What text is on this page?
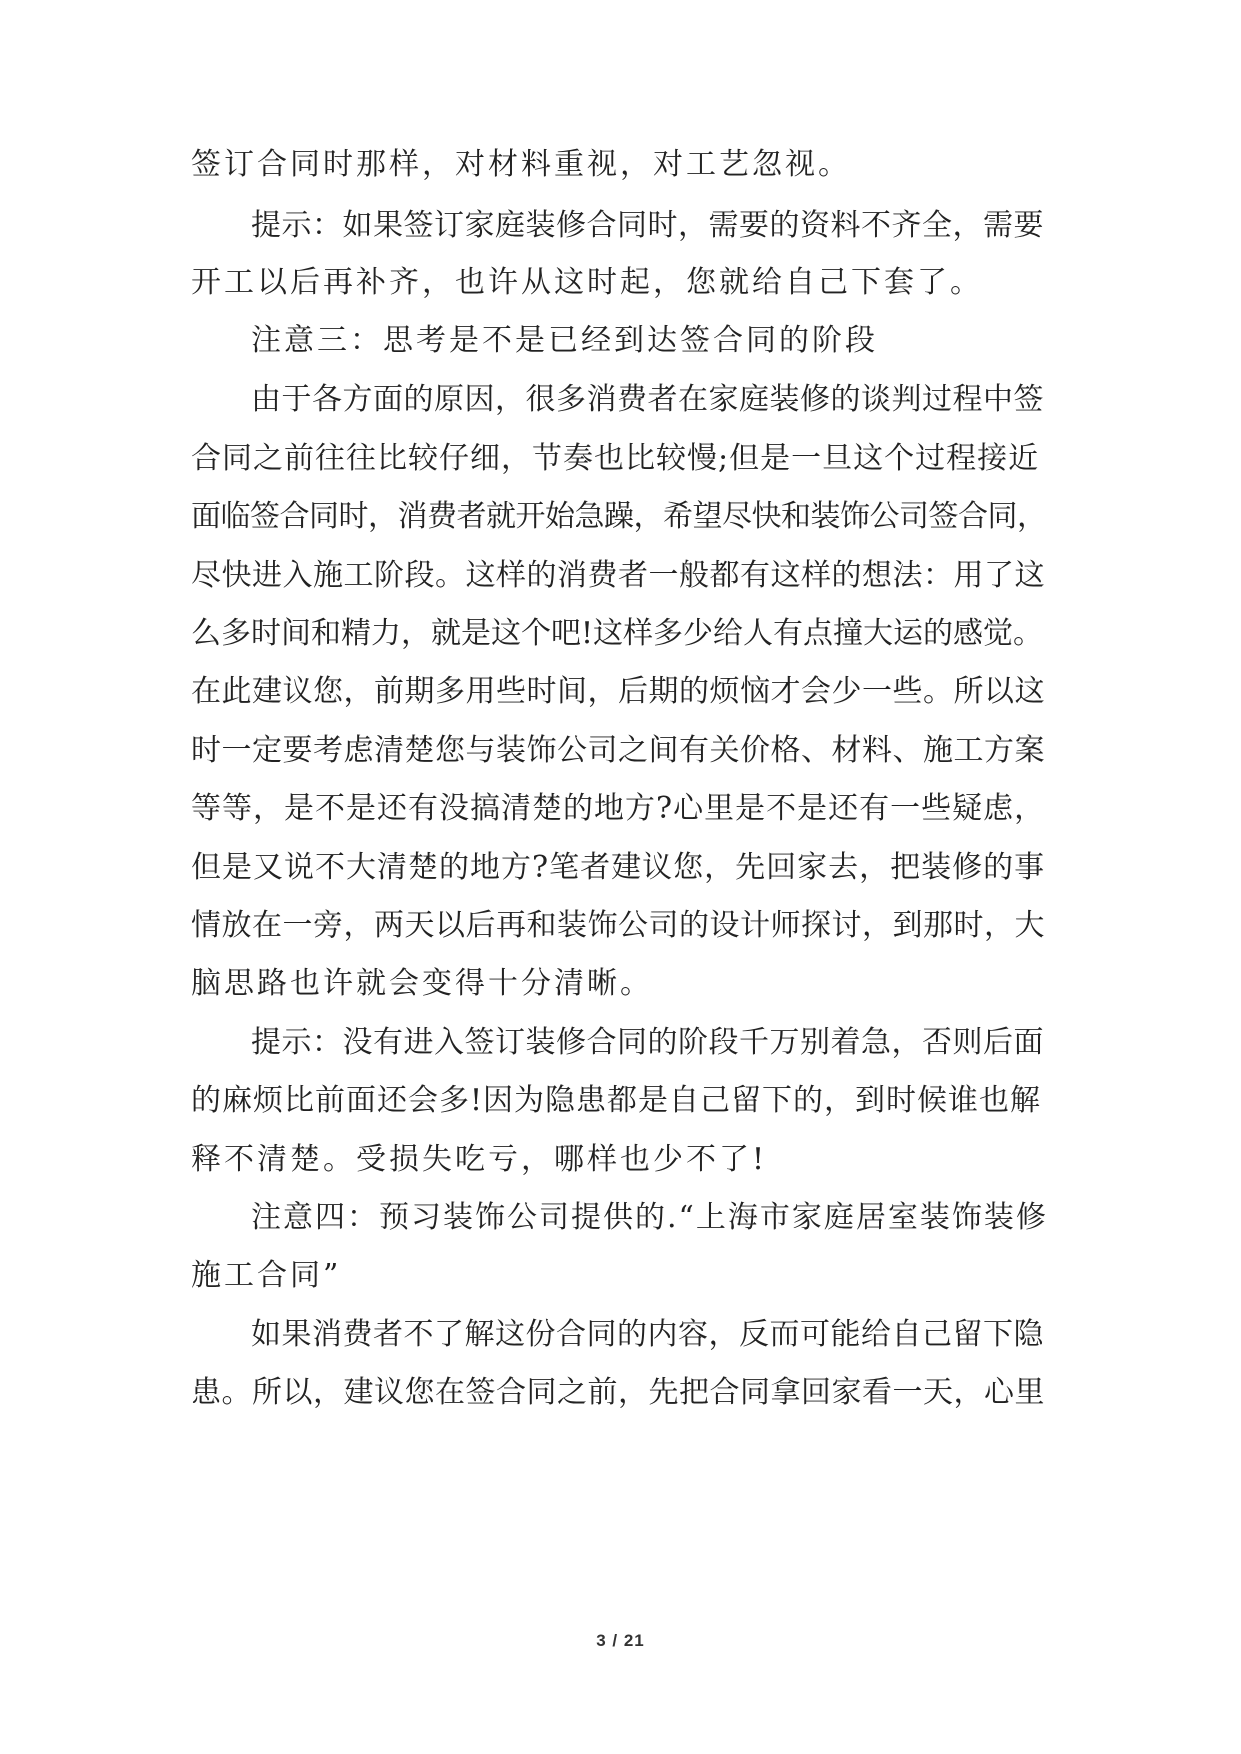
签订合同时那样，对材料重视，对工艺忽视。
提示：如果签订家庭装修合同时，需要的资料不齐全，需要
开工以后再补齐，也许从这时起，您就给自己下套了。
注意三：思考是不是已经到达签合同的阶段
由于各方面的原因，很多消费者在家庭装修的谈判过程中签
合同之前往往比较仔细，节奏也比较慢;但是一旦这个过程接近
面临签合同时，消费者就开始急躁，希望尽快和装饰公司签合同，
尽快进入施工阶段。这样的消费者一般都有这样的想法：用了这
么多时间和精力，就是这个吧!这样多少给人有点撞大运的感觉。
在此建议您，前期多用些时间，后期的烦恼才会少一些。所以这
时一定要考虑清楚您与装饰公司之间有关价格、材料、施工方案
等等，是不是还有没搞清楚的地方?心里是不是还有一些疑虑，
但是又说不大清楚的地方?笔者建议您，先回家去，把装修的事
情放在一旁，两天以后再和装饰公司的设计师探讨，到那时，大
脑思路也许就会变得十分清晰。
提示：没有进入签订装修合同的阶段千万别着急，否则后面
的麻烦比前面还会多!因为隐患都是自己留下的，到时候谁也解
释不清楚。受损失吃亏，哪样也少不了!
注意四：预习装饰公司提供的.“上海市家庭居室装饰装修
施工合同”
如果消费者不了解这份合同的内容，反而可能给自己留下隐
患。所以，建议您在签合同之前，先把合同拿回家看一天，心里
3 / 21
